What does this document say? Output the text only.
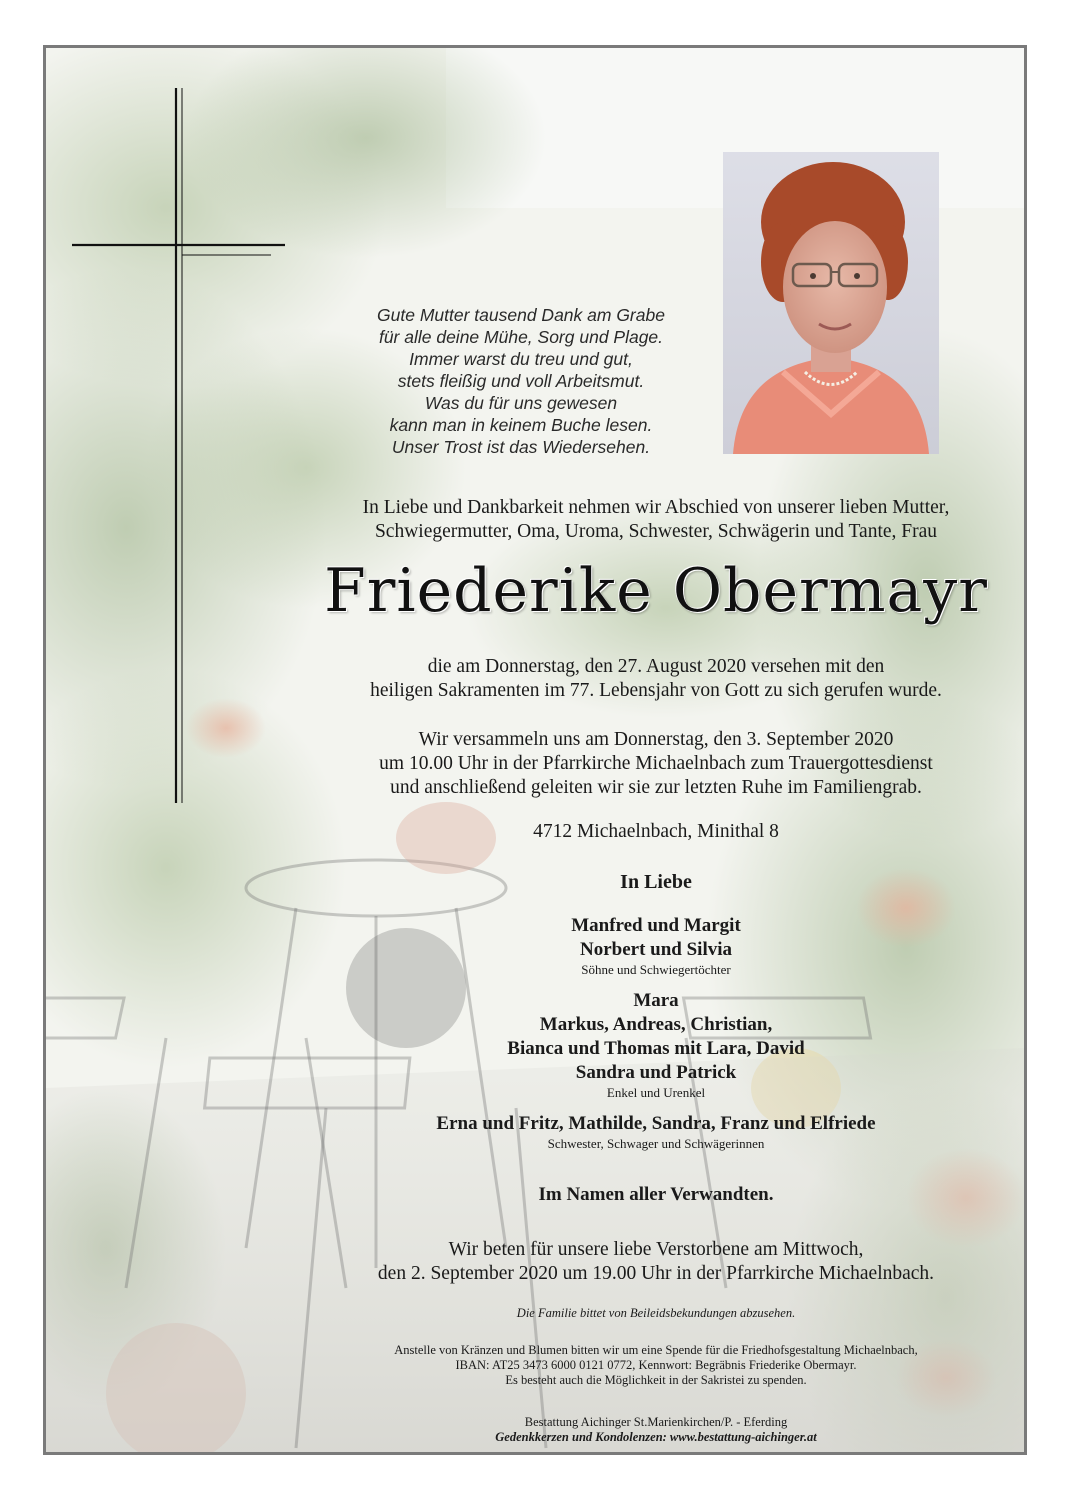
Gute Mutter tausend Dank am Grabe
für alle deine Mühe, Sorg und Plage.
Immer warst du treu und gut,
stets fleißig und voll Arbeitsmut.
Was du für uns gewesen
kann man in keinem Buche lesen.
Unser Trost ist das Wiedersehen.
In Liebe und Dankbarkeit nehmen wir Abschied von unserer lieben Mutter,
Schwiegermutter, Oma, Uroma, Schwester, Schwägerin und Tante, Frau
Friederike Obermayr
die am Donnerstag, den 27. August 2020 versehen mit den
heiligen Sakramenten im 77. Lebensjahr von Gott zu sich gerufen wurde.
Wir versammeln uns am Donnerstag, den 3. September 2020
um 10.00 Uhr in der Pfarrkirche Michaelnbach zum Trauergottesdienst
und anschließend geleiten wir sie zur letzten Ruhe im Familiengrab.
4712 Michaelnbach, Minithal 8
In Liebe
Manfred und Margit
Norbert und Silvia
Söhne und Schwiegertöchter
Mara
Markus, Andreas, Christian,
Bianca und Thomas mit Lara, David
Sandra und Patrick
Enkel und Urenkel
Erna und Fritz, Mathilde, Sandra, Franz und Elfriede
Schwester, Schwager und Schwägerinnen
Im Namen aller Verwandten.
Wir beten für unsere liebe Verstorbene am Mittwoch,
den 2. September 2020 um 19.00 Uhr in der Pfarrkirche Michaelnbach.
Die Familie bittet von Beileidsbekundungen abzusehen.
Anstelle von Kränzen und Blumen bitten wir um eine Spende für die Friedhofsgestaltung Michaelnbach,
IBAN: AT25 3473 6000 0121 0772, Kennwort: Begräbnis Friederike Obermayr.
Es besteht auch die Möglichkeit in der Sakristei zu spenden.
Bestattung Aichinger St.Marienkirchen/P. - Eferding
Gedenkkerzen und Kondolenzen: www.bestattung-aichinger.at
